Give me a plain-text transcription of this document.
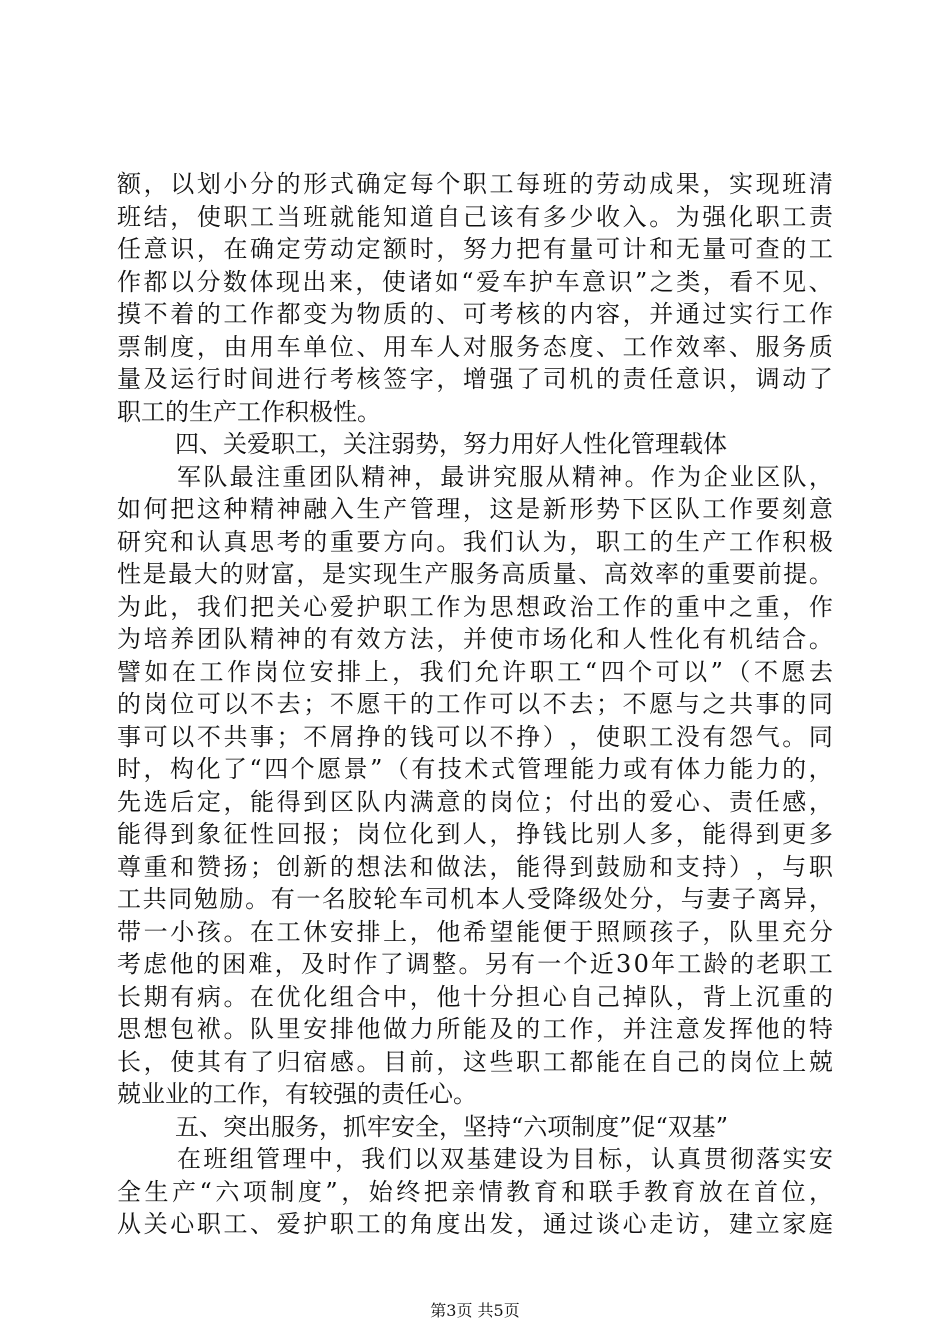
额 ， 以 划 小 分 的 形 式 确 定 每 个 职 工 每 班 的 劳 动 成 果 ， 实 现 班 清
班 结 ， 使 职 工 当 班 就 能 知 道 自 己 该 有 多 少 收 入 。 为 强 化 职 工 责
任 意 识 ， 在 确 定 劳 动 定 额 时 ， 努 力 把 有 量 可 计 和 无 量 可 查 的 工
作 都 以 分 数 体 现 出 来 ， 使 诸 如 “ 爱 车 护 车 意 识 ” 之 类 ， 看 不 见 、
摸 不 着 的 工 作 都 变 为 物 质 的 、 可 考 核 的 内 容 ， 并 通 过 实 行 工 作
票 制 度 ， 由 用 车 单 位 、 用 车 人 对 服 务 态 度 、 工 作 效 率 、 服 务 质
量 及 运 行 时 间 进 行 考 核 签 字 ， 增 强 了 司 机 的 责 任 意 识 ， 调 动 了
职工的生产工作积极性。
四、关爱职工，关注弱势，努力用好人性化管理载体
军 队 最 注 重 团 队 精 神 ， 最 讲 究 服 从 精 神 。 作 为 企 业 区 队 ，
如 何 把 这 种 精 神 融 入 生 产 管 理 ， 这 是 新 形 势 下 区 队 工 作 要 刻 意
研 究 和 认 真 思 考 的 重 要 方 向 。 我 们 认 为 ， 职 工 的 生 产 工 作 积 极
性 是 最 大 的 财 富 ， 是 实 现 生 产 服 务 高 质 量 、 高 效 率 的 重 要 前 提 。
为 此 ， 我 们 把 关 心 爱 护 职 工 作 为 思 想 政 治 工 作 的 重 中 之 重 ， 作
为 培 养 团 队 精 神 的 有 效 方 法 ， 并 使 市 场 化 和 人 性 化 有 机 结 合 。
譬 如 在 工 作 岗 位 安 排 上 ， 我 们 允 许 职 工 “ 四 个 可 以 ” （ 不 愿 去
的 岗 位 可 以 不 去 ； 不 愿 干 的 工 作 可 以 不 去 ； 不 愿 与 之 共 事 的 同
事 可 以 不 共 事 ； 不 屑 挣 的 钱 可 以 不 挣 ） ， 使 职 工 没 有 怨 气 。 同
时 ， 构 化 了 “ 四 个 愿 景 ” （ 有 技 术 式 管 理 能 力 或 有 体 力 能 力 的 ，
先 选 后 定 ， 能 得 到 区 队 内 满 意 的 岗 位 ； 付 出 的 爱 心 、 责 任 感 ，
能 得 到 象 征 性 回 报 ； 岗 位 化 到 人 ， 挣 钱 比 别 人 多 ， 能 得 到 更 多
尊 重 和 赞 扬 ； 创 新 的 想 法 和 做 法 ， 能 得 到 鼓 励 和 支 持 ） ， 与 职
工 共 同 勉 励 。 有 一 名 胶 轮 车 司 机 本 人 受 降 级 处 分 ， 与 妻 子 离 异 ，
带 一 小 孩 。 在 工 休 安 排 上 ， 他 希 望 能 便 于 照 顾 孩 子 ， 队 里 充 分
考 虑 他 的 困 难 ， 及 时 作 了 调 整 。 另 有 一 个 近 3 0 年 工 龄 的 老 职 工
长 期 有 病 。 在 优 化 组 合 中 ， 他 十 分 担 心 自 己 掉 队 ， 背 上 沉 重 的
思 想 包 袱 。 队 里 安 排 他 做 力 所 能 及 的 工 作 ， 并 注 意 发 挥 他 的 特
长 ， 使 其 有 了 归 宿 感 。 目 前 ， 这 些 职 工 都 能 在 自 己 的 岗 位 上 兢
兢业业的工作，有较强的责任心。
五、突出服务，抓牢安全，坚持“六项制度”促“双基”
在 班 组 管 理 中 ， 我 们 以 双 基 建 设 为 目 标 ， 认 真 贯 彻 落 实 安
全 生 产 “ 六 项 制 度 ” ， 始 终 把 亲 情 教 育 和 联 手 教 育 放 在 首 位 ，
从 关 心 职 工 、 爱 护 职 工 的 角 度 出 发 ， 通 过 谈 心 走 访 ， 建 立 家 庭
第3页 共5页
